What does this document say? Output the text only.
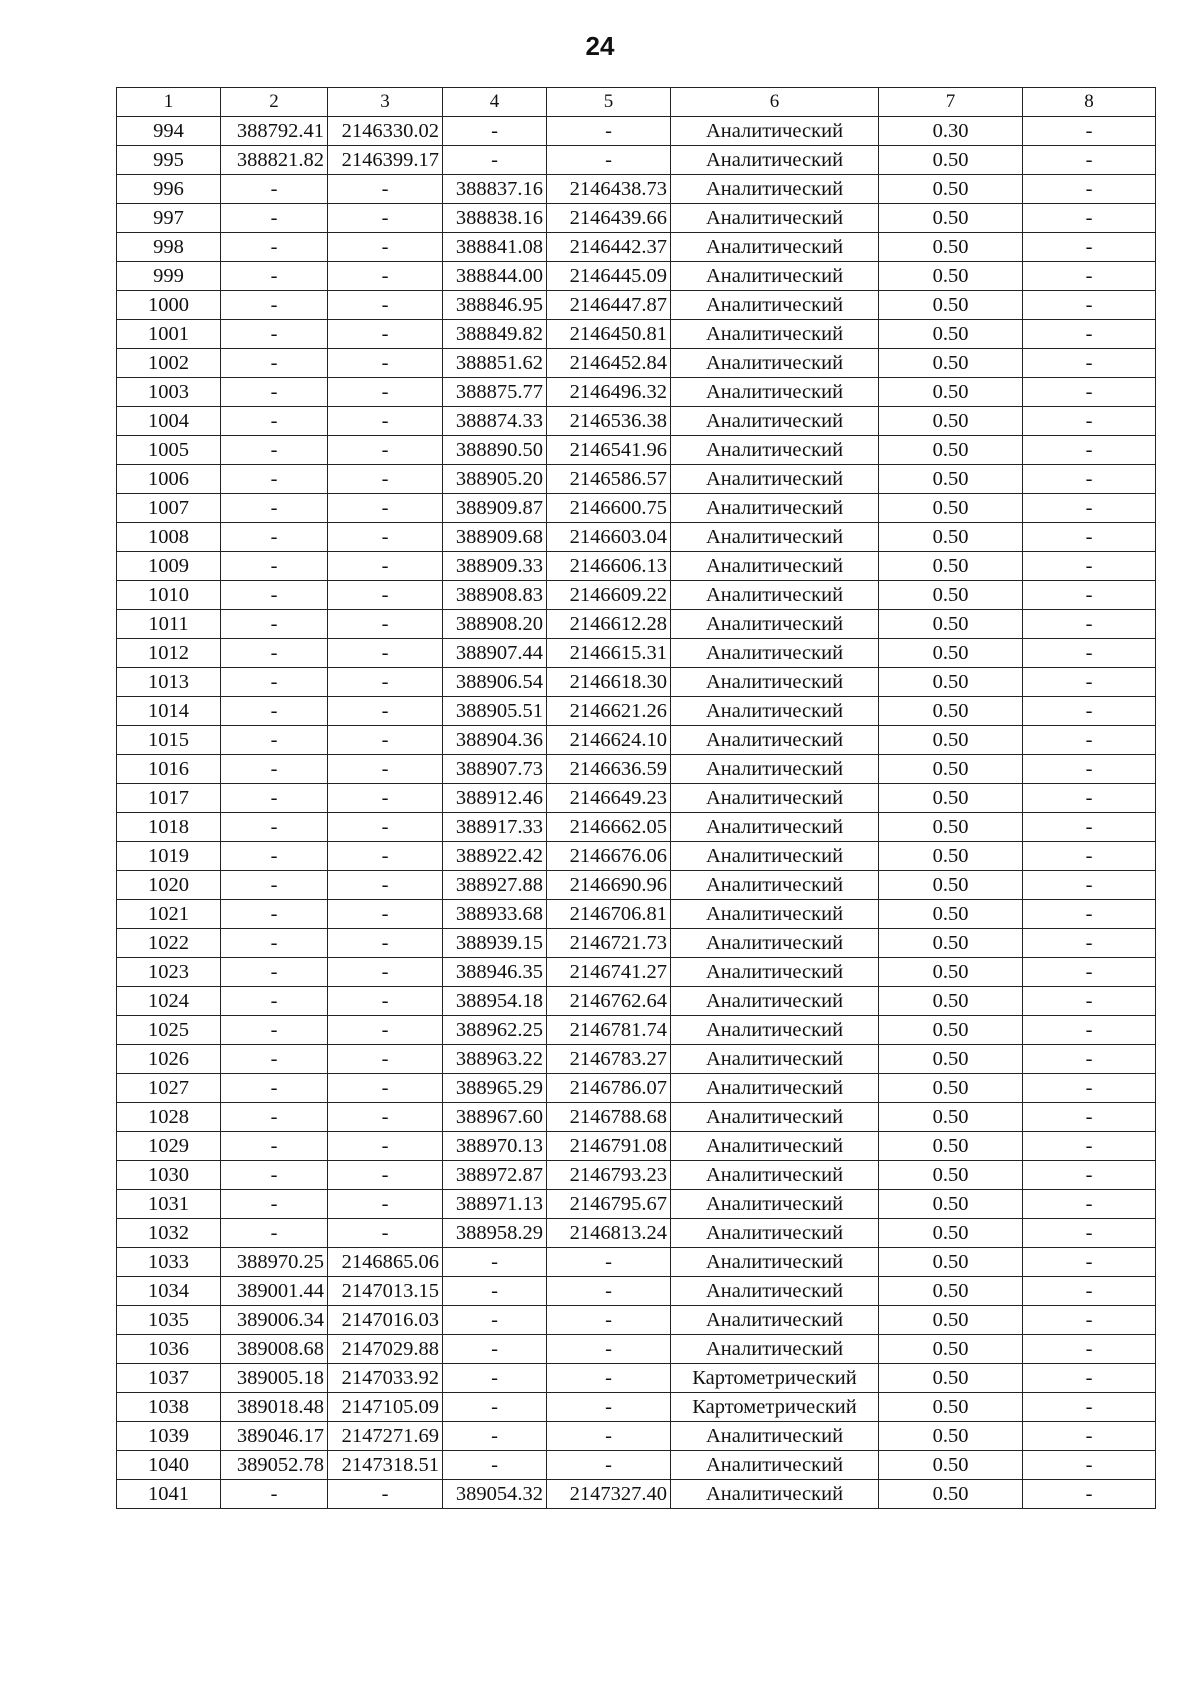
24
1	2	3	4	5	6	7	8
994	388792.41	2146330.02	-	-	Аналитический	0.30	-
995	388821.82	2146399.17	-	-	Аналитический	0.50	-
996	-	-	388837.16	2146438.73	Аналитический	0.50	-
997	-	-	388838.16	2146439.66	Аналитический	0.50	-
998	-	-	388841.08	2146442.37	Аналитический	0.50	-
999	-	-	388844.00	2146445.09	Аналитический	0.50	-
1000	-	-	388846.95	2146447.87	Аналитический	0.50	-
1001	-	-	388849.82	2146450.81	Аналитический	0.50	-
1002	-	-	388851.62	2146452.84	Аналитический	0.50	-
1003	-	-	388875.77	2146496.32	Аналитический	0.50	-
1004	-	-	388874.33	2146536.38	Аналитический	0.50	-
1005	-	-	388890.50	2146541.96	Аналитический	0.50	-
1006	-	-	388905.20	2146586.57	Аналитический	0.50	-
1007	-	-	388909.87	2146600.75	Аналитический	0.50	-
1008	-	-	388909.68	2146603.04	Аналитический	0.50	-
1009	-	-	388909.33	2146606.13	Аналитический	0.50	-
1010	-	-	388908.83	2146609.22	Аналитический	0.50	-
1011	-	-	388908.20	2146612.28	Аналитический	0.50	-
1012	-	-	388907.44	2146615.31	Аналитический	0.50	-
1013	-	-	388906.54	2146618.30	Аналитический	0.50	-
1014	-	-	388905.51	2146621.26	Аналитический	0.50	-
1015	-	-	388904.36	2146624.10	Аналитический	0.50	-
1016	-	-	388907.73	2146636.59	Аналитический	0.50	-
1017	-	-	388912.46	2146649.23	Аналитический	0.50	-
1018	-	-	388917.33	2146662.05	Аналитический	0.50	-
1019	-	-	388922.42	2146676.06	Аналитический	0.50	-
1020	-	-	388927.88	2146690.96	Аналитический	0.50	-
1021	-	-	388933.68	2146706.81	Аналитический	0.50	-
1022	-	-	388939.15	2146721.73	Аналитический	0.50	-
1023	-	-	388946.35	2146741.27	Аналитический	0.50	-
1024	-	-	388954.18	2146762.64	Аналитический	0.50	-
1025	-	-	388962.25	2146781.74	Аналитический	0.50	-
1026	-	-	388963.22	2146783.27	Аналитический	0.50	-
1027	-	-	388965.29	2146786.07	Аналитический	0.50	-
1028	-	-	388967.60	2146788.68	Аналитический	0.50	-
1029	-	-	388970.13	2146791.08	Аналитический	0.50	-
1030	-	-	388972.87	2146793.23	Аналитический	0.50	-
1031	-	-	388971.13	2146795.67	Аналитический	0.50	-
1032	-	-	388958.29	2146813.24	Аналитический	0.50	-
1033	388970.25	2146865.06	-	-	Аналитический	0.50	-
1034	389001.44	2147013.15	-	-	Аналитический	0.50	-
1035	389006.34	2147016.03	-	-	Аналитический	0.50	-
1036	389008.68	2147029.88	-	-	Аналитический	0.50	-
1037	389005.18	2147033.92	-	-	Картометрический	0.50	-
1038	389018.48	2147105.09	-	-	Картометрический	0.50	-
1039	389046.17	2147271.69	-	-	Аналитический	0.50	-
1040	389052.78	2147318.51	-	-	Аналитический	0.50	-
1041	-	-	389054.32	2147327.40	Аналитический	0.50	-
